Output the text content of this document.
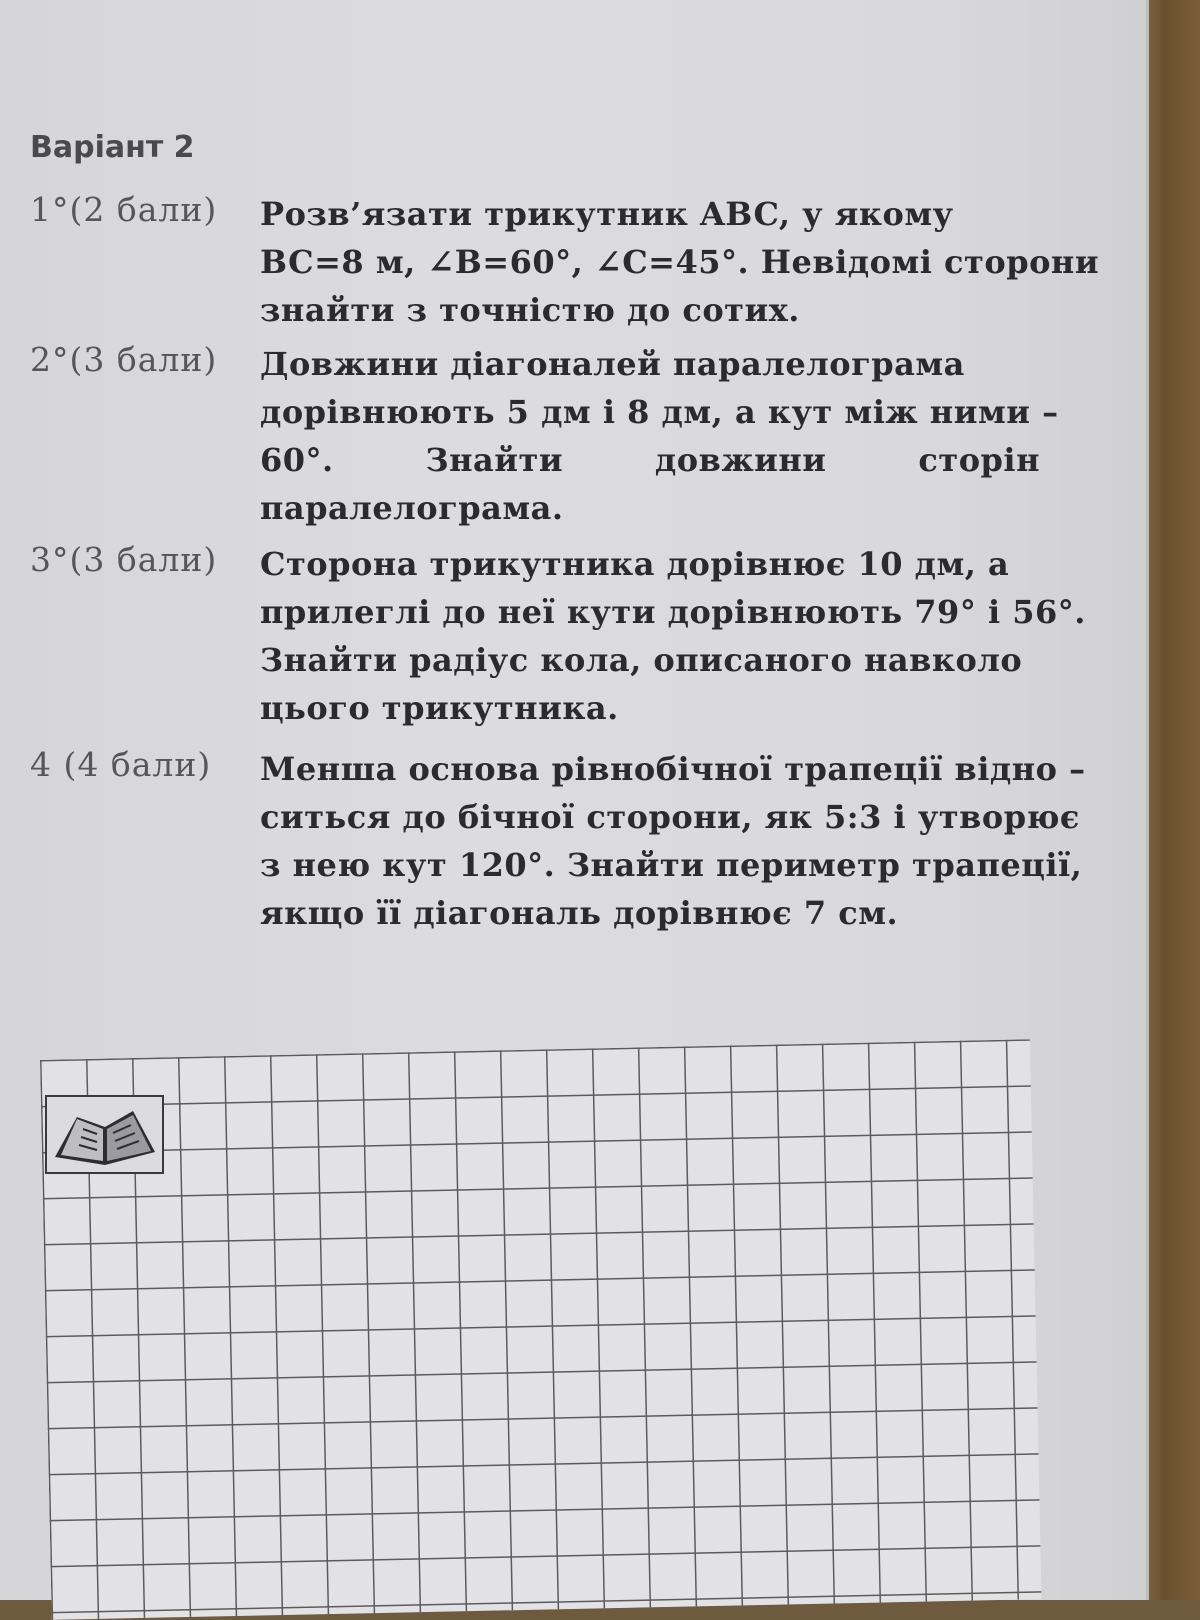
Варіант 2
1°(2 бали)	Розв’язати трикутник ABC, у якому
BC=8 м, ∠B=60°, ∠C=45°. Невідомі сторони
знайти з точністю до сотих.
2°(3 бали)	Довжини діагоналей паралелограма
дорівнюють 5 дм і 8 дм, а кут між ними –
60°.	Знайти	довжини	сторін
паралелограма.
3°(3 бали)	Сторона трикутника дорівнює 10 дм, а
прилеглі до неї кути дорівнюють 79° і 56°.
Знайти радіус кола, описаного навколо
цього трикутника.
4 (4 бали)	Менша основа рівнобічної трапеції відно –
ситься до бічної сторони, як 5:3 і утворює
з нею кут 120°. Знайти периметр трапеції,
якщо її діагональ дорівнює 7 см.
